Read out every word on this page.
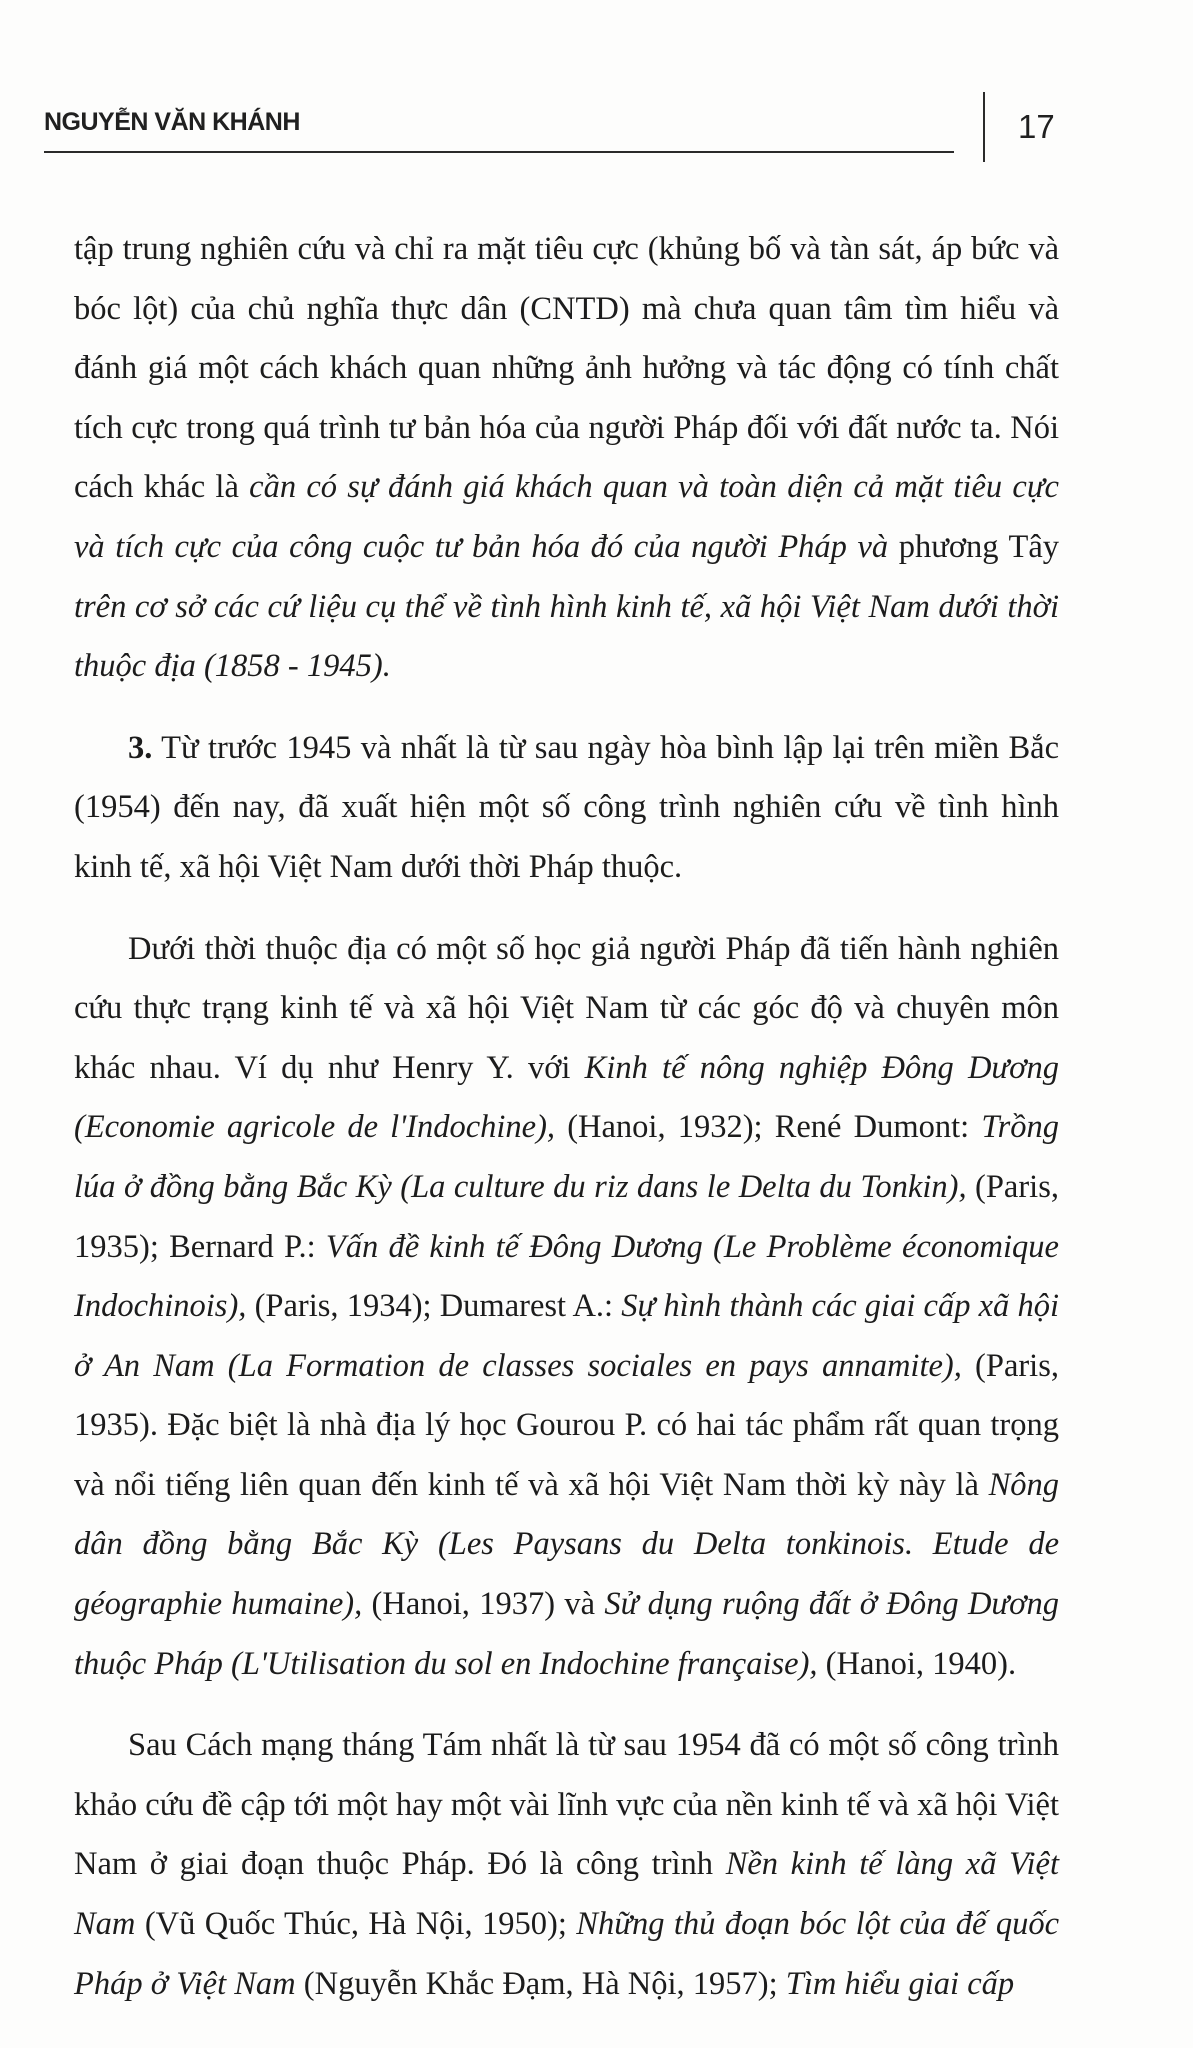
NGUYỄN VĂN KHÁNH	17

tập trung nghiên cứu và chỉ ra mặt tiêu cực (khủng bố và tàn sát, áp bức và bóc lột) của chủ nghĩa thực dân (CNTD) mà chưa quan tâm tìm hiểu và đánh giá một cách khách quan những ảnh hưởng và tác động có tính chất tích cực trong quá trình tư bản hóa của người Pháp đối với đất nước ta. Nói cách khác là cần có sự đánh giá khách quan và toàn diện cả mặt tiêu cực và tích cực của công cuộc tư bản hóa đó của người Pháp và phương Tây trên cơ sở các cứ liệu cụ thể về tình hình kinh tế, xã hội Việt Nam dưới thời thuộc địa (1858 - 1945).

3. Từ trước 1945 và nhất là từ sau ngày hòa bình lập lại trên miền Bắc (1954) đến nay, đã xuất hiện một số công trình nghiên cứu về tình hình kinh tế, xã hội Việt Nam dưới thời Pháp thuộc.

Dưới thời thuộc địa có một số học giả người Pháp đã tiến hành nghiên cứu thực trạng kinh tế và xã hội Việt Nam từ các góc độ và chuyên môn khác nhau. Ví dụ như Henry Y. với Kinh tế nông nghiệp Đông Dương (Economie agricole de l'Indochine), (Hanoi, 1932); René Dumont: Trồng lúa ở đồng bằng Bắc Kỳ (La culture du riz dans le Delta du Tonkin), (Paris, 1935); Bernard P.: Vấn đề kinh tế Đông Dương (Le Problème économique Indochinois), (Paris, 1934); Dumarest A.: Sự hình thành các giai cấp xã hội ở An Nam (La Formation de classes sociales en pays annamite), (Paris, 1935). Đặc biệt là nhà địa lý học Gourou P. có hai tác phẩm rất quan trọng và nổi tiếng liên quan đến kinh tế và xã hội Việt Nam thời kỳ này là Nông dân đồng bằng Bắc Kỳ (Les Paysans du Delta tonkinois. Etude de géographie humaine), (Hanoi, 1937) và Sử dụng ruộng đất ở Đông Dương thuộc Pháp (L'Utilisation du sol en Indochine française), (Hanoi, 1940).

Sau Cách mạng tháng Tám nhất là từ sau 1954 đã có một số công trình khảo cứu đề cập tới một hay một vài lĩnh vực của nền kinh tế và xã hội Việt Nam ở giai đoạn thuộc Pháp. Đó là công trình Nền kinh tế làng xã Việt Nam (Vũ Quốc Thúc, Hà Nội, 1950); Những thủ đoạn bóc lột của đế quốc Pháp ở Việt Nam (Nguyễn Khắc Đạm, Hà Nội, 1957); Tìm hiểu giai cấp
